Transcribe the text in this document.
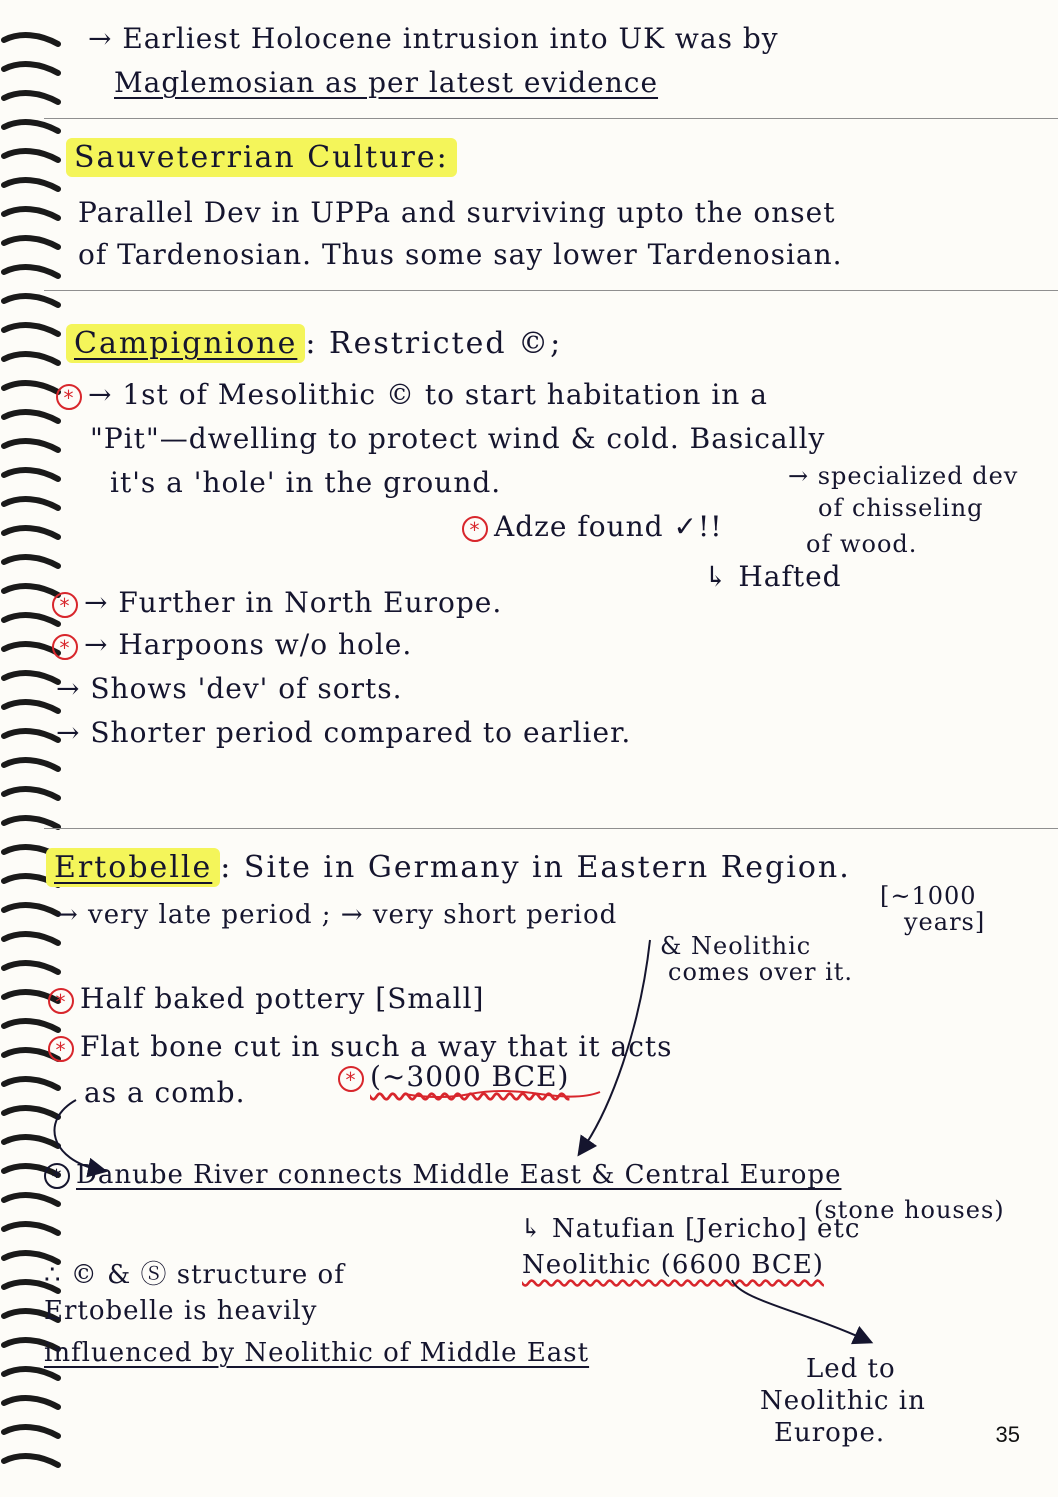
→ Earliest Holocene intrusion into UK was by
Maglemosian as per latest evidence
Sauveterrian Culture:
Parallel Dev in UPPa and surviving upto the onset
of Tardenosian. Thus some say lower Tardenosian.
Campignione : Restricted ©;
* → 1st of Mesolithic © to start habitation in a
"Pit"—dwelling to protect wind & cold. Basically
it's a 'hole' in the ground.
* Adze found ✓!!
→ specialized dev
of chisseling
of wood.
↳ Hafted
* → Further in North Europe.
* → Harpoons w/o hole.
→ Shows 'dev' of sorts.
→ Shorter period compared to earlier.
Ertobelle : Site in Germany in Eastern Region.
→ very late period ; → very short period
[~1000
years]
& Neolithic
comes over it.
* Half baked pottery [Small]
* Flat bone cut in such a way that it acts
as a comb.	* (~3000 BCE)
* Danube River connects Middle East & Central Europe
(stone houses)
↳ Natufian [Jericho] etc
Neolithic (6600 BCE)
∴ © & Ⓢ structure of
Ertobelle is heavily
influenced by Neolithic of Middle East
Led to
Neolithic in
Europe.	35
